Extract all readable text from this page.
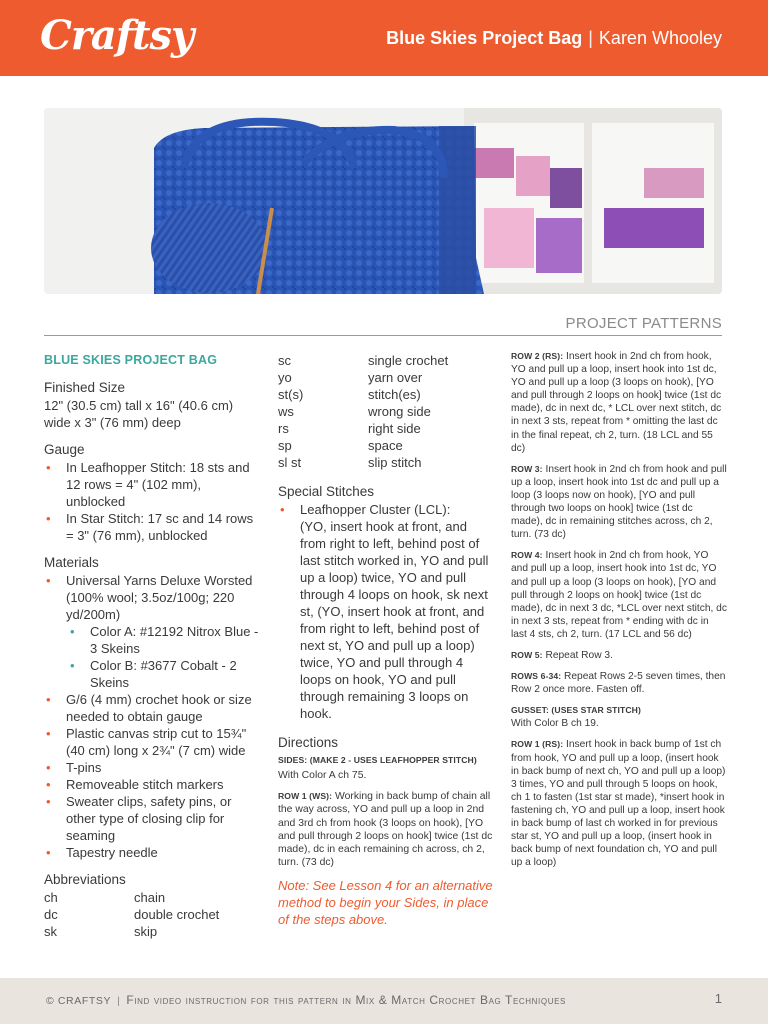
Craftsy	Blue Skies Project Bag | Karen Whooley
PROJECT PATTERNS
BLUE SKIES PROJECT BAG
Finished Size
12" (30.5 cm) tall x 16" (40.6 cm) wide x 3" (76 mm) deep
Gauge
• In Leafhopper Stitch: 18 sts and 12 rows = 4" (102 mm), unblocked
• In Star Stitch: 17 sc and 14 rows = 3" (76 mm), unblocked
Materials
• Universal Yarns Deluxe Worsted (100% wool; 3.5oz/100g; 220 yd/200m)
• Color A: #12192 Nitrox Blue - 3 Skeins
• Color B: #3677 Cobalt - 2 Skeins
• G/6 (4 mm) crochet hook or size needed to obtain gauge
• Plastic canvas strip cut to 15¾" (40 cm) long x 2¾" (7 cm) wide
• T-pins
• Removeable stitch markers
• Sweater clips, safety pins, or other type of closing clip for seaming
• Tapestry needle
Abbreviations
ch	chain
dc	double crochet
sk	skip
sc	single crochet
yo	yarn over
st(s)	stitch(es)
ws	wrong side
rs	right side
sp	space
sl st	slip stitch
Special Stitches
• Leafhopper Cluster (LCL):
(YO, insert hook at front, and from right to left, behind post of last stitch worked in, YO and pull up a loop) twice, YO and pull through 4 loops on hook, sk next st, (YO, insert hook at front, and from right to left, behind post of next st, YO and pull up a loop) twice, YO and pull through 4 loops on hook, YO and pull through remaining 3 loops on hook.
Directions
SIDES: (MAKE 2 - USES LEAFHOPPER STITCH)
With Color A ch 75.
ROW 1 (WS): Working in back bump of chain all the way across, YO and pull up a loop in 2nd and 3rd ch from hook (3 loops on hook), [YO and pull through 2 loops on hook] twice (1st dc made), dc in each remaining ch across, ch 2, turn. (73 dc)
Note: See Lesson 4 for an alternative method to begin your Sides, in place of the steps above.
ROW 2 (RS): Insert hook in 2nd ch from hook, YO and pull up a loop, insert hook into 1st dc, YO and pull up a loop (3 loops on hook), [YO and pull through 2 loops on hook] twice (1st dc made), dc in next dc, * LCL over next stitch, dc in next 3 sts, repeat from * omitting the last dc in the final repeat, ch 2, turn. (18 LCL and 55 dc)
ROW 3: Insert hook in 2nd ch from hook and pull up a loop, insert hook into 1st dc and pull up a loop (3 loops now on hook), [YO and pull through two loops on hook] twice (1st dc made), dc in remaining stitches across, ch 2, turn. (73 dc)
ROW 4: Insert hook in 2nd ch from hook, YO and pull up a loop, insert hook into 1st dc, YO and pull up a loop (3 loops on hook), [YO and pull through 2 loops on hook] twice (1st dc made), dc in next 3 dc, *LCL over next stitch, dc in next 3 sts, repeat from * ending with dc in last 4 sts, ch 2, turn. (17 LCL and 56 dc)
ROW 5: Repeat Row 3.
ROWS 6-34: Repeat Rows 2-5 seven times, then Row 2 once more. Fasten off.
GUSSET: (USES STAR STITCH)
With Color B ch 19.
ROW 1 (RS): Insert hook in back bump of 1st ch from hook, YO and pull up a loop, (insert hook in back bump of next ch, YO and pull up a loop) 3 times, YO and pull through 5 loops on hook, ch 1 to fasten (1st star st made), *insert hook in fastening ch, YO and pull up a loop, insert hook in back bump of last ch worked in for previous star st, YO and pull up a loop, (insert hook in back bump of next foundation ch, YO and pull up a loop)
© CRAFTSY | Find video instruction for this pattern in Mix & Match Crochet Bag Techniques	1
